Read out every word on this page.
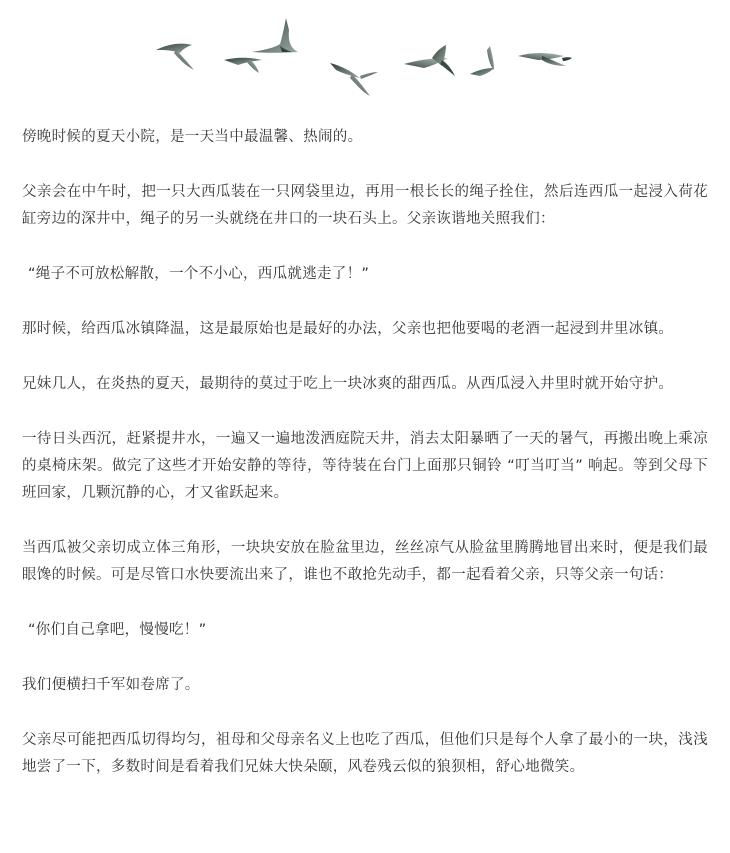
傍晚时候的夏天小院，是一天当中最温馨、热闹的。

父亲会在中午时，把一只大西瓜装在一只网袋里边，再用一根长长的绳子拴住，然后连西瓜一起浸入荷花缸旁边的深井中，绳子的另一头就绕在井口的一块石头上。父亲诙谐地关照我们：

“绳子不可放松解散，一个不小心，西瓜就逃走了！”

那时候，给西瓜冰镇降温，这是最原始也是最好的办法，父亲也把他要喝的老酒一起浸到井里冰镇。

兄妹几人，在炎热的夏天，最期待的莫过于吃上一块冰爽的甜西瓜。从西瓜浸入井里时就开始守护。

一待日头西沉，赶紧提井水，一遍又一遍地泼洒庭院天井，消去太阳暴晒了一天的暑气，再搬出晚上乘凉的桌椅床架。做完了这些才开始安静的等待，等待装在台门上面那只铜铃 “叮当叮当” 响起。等到父母下班回家，几颗沉静的心，才又雀跃起来。

当西瓜被父亲切成立体三角形，一块块安放在脸盆里边，丝丝凉气从脸盆里腾腾地冒出来时，便是我们最眼馋的时候。可是尽管口水快要流出来了，谁也不敢抢先动手，都一起看着父亲，只等父亲一句话：

“你们自己拿吧，慢慢吃！”

我们便横扫千军如卷席了。

父亲尽可能把西瓜切得均匀，祖母和父母亲名义上也吃了西瓜，但他们只是每个人拿了最小的一块，浅浅地尝了一下，多数时间是看着我们兄妹大快朵颐，风卷残云似的狼狈相，舒心地微笑。
